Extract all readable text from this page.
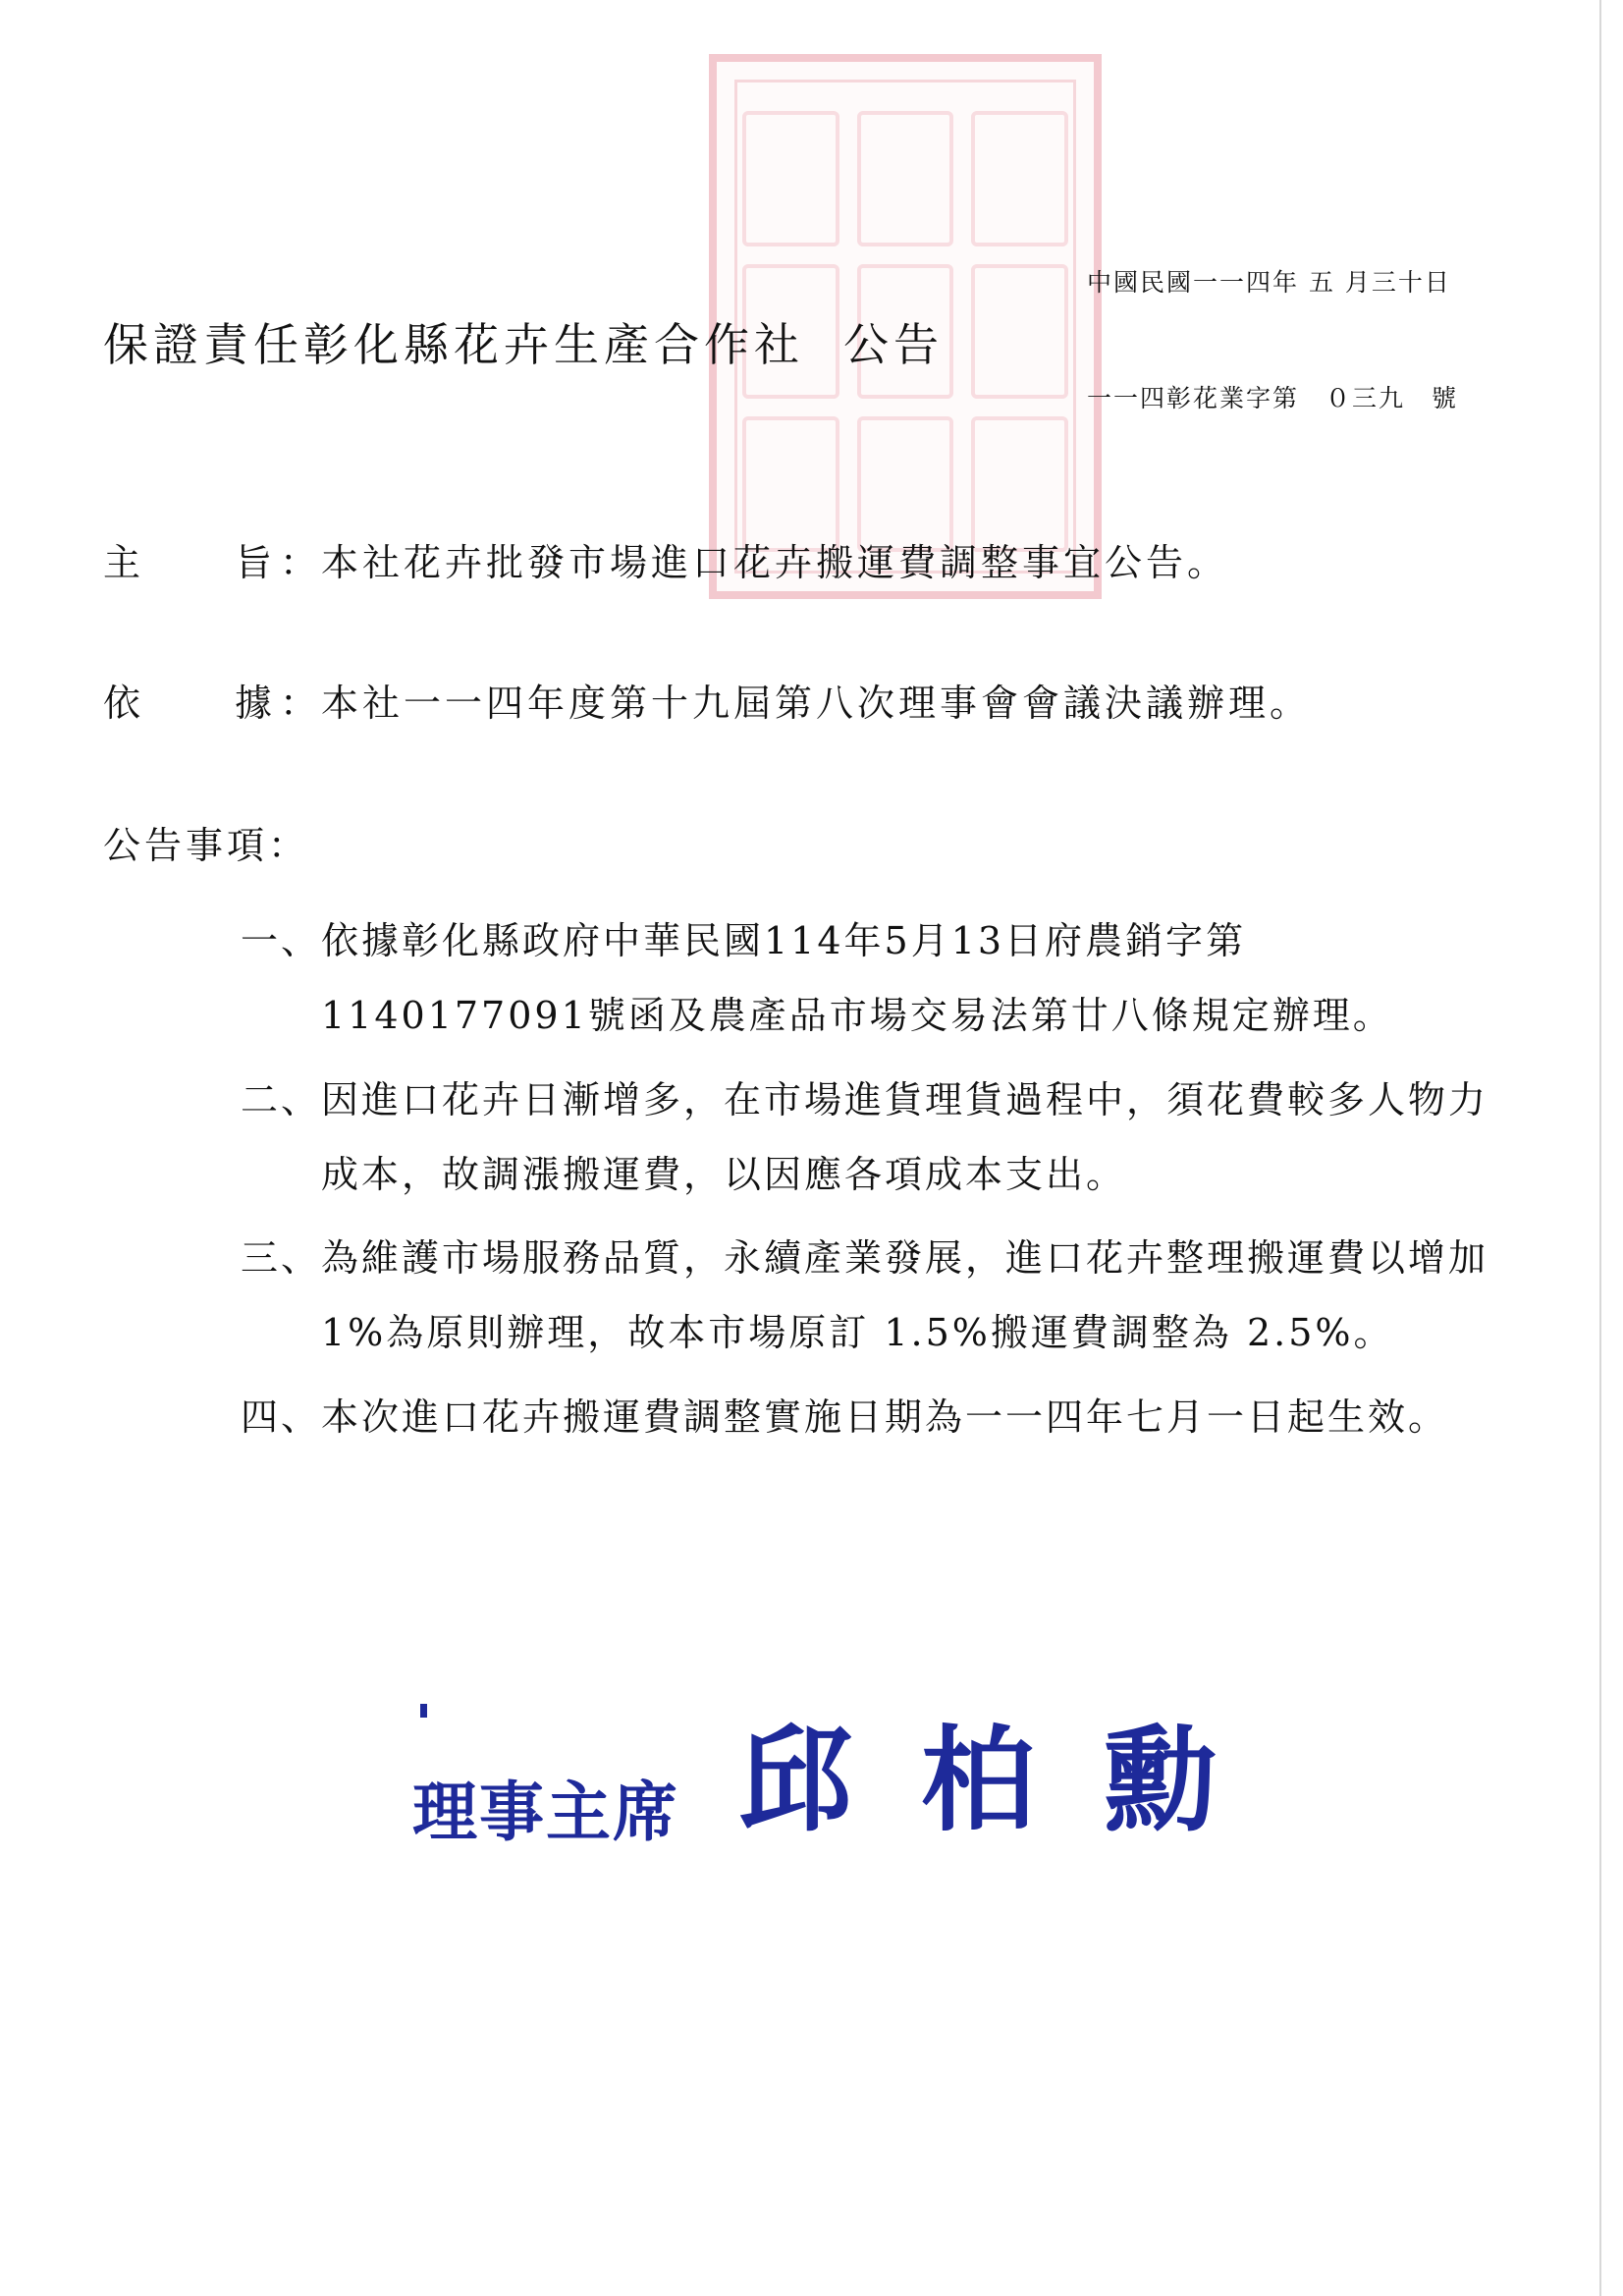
保證責任彰化縣花卉生產合作社 公告
中國民國一一四年 五 月三十日
一一四彰花業字第　０三九　號
主 旨 ： 本社花卉批發市場進口花卉搬運費調整事宜公告。
依 據 ： 本社一一四年度第十九屆第八次理事會會議決議辦理。
公告事項：
一、 依據彰化縣政府中華民國114年5月13日府農銷字第1140177091號函及農產品市場交易法第廿八條規定辦理。
二、 因進口花卉日漸增多，在市場進貨理貨過程中，須花費較多人物力成本，故調漲搬運費，以因應各項成本支出。
三、 為維護市場服務品質，永續產業發展，進口花卉整理搬運費以增加 1%為原則辦理，故本市場原訂 1.5%搬運費調整為 2.5%。
四、 本次進口花卉搬運費調整實施日期為一一四年七月一日起生效。
理事主席 邱柏勳
